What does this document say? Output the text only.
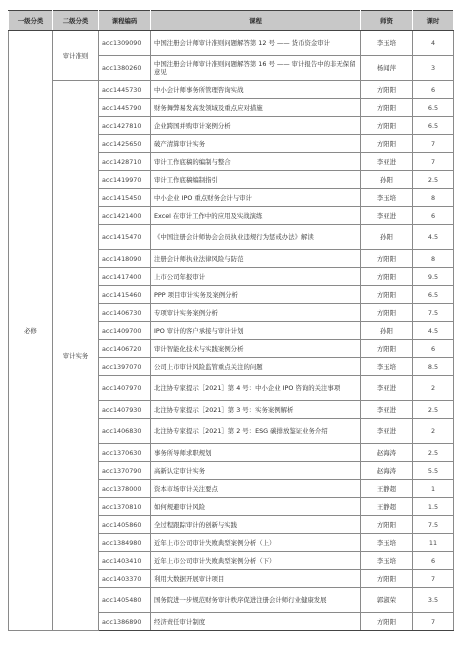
一级分类	二级分类	课程编码	课程	师资	课时
必修	审计准则	acc1309090	中国注册会计师审计准则问题解答第 12 号 —— 货币资金审计	李玉培	4
		acc1380260	中国注册会计师审计准则问题解答第 16 号 —— 审计报告中的非无保留意见	杨闻萍	3
	审计实务	acc1445730	中小会计师事务所管理咨询实战	方阳阳	6
		acc1445790	财务舞弊易发高发领域及重点应对措施	方阳阳	6.5
		acc1427810	企业跨国并购审计案例分析	方阳阳	6.5
		acc1425650	破产清算审计实务	方阳阳	7
		acc1428710	审计工作底稿的编制与整合	李亚进	7
		acc1419970	审计工作底稿编制指引	孙阳	2.5
		acc1415450	中小企业 IPO 重点财务会计与审计	李玉培	8
		acc1421400	Excel 在审计工作中的应用及实战演练	李亚进	6
		acc1415470	《中国注册会计师协会会员执业违规行为惩戒办法》解读	孙阳	4.5
		acc1418090	注册会计师执业法律风险与防范	方阳阳	8
		acc1417400	上市公司年报审计	方阳阳	9.5
		acc1415460	PPP 项目审计实务及案例分析	方阳阳	6.5
		acc1406730	专项审计实务案例分析	方阳阳	7.5
		acc1409700	IPO 审计的客户承接与审计计划	孙阳	4.5
		acc1406720	审计智能化技术与实践案例分析	方阳阳	6
		acc1397070	公司上市审计风险监管重点关注的问题	李玉培	8.5
		acc1407970	北注协专家提示［2021］第 4 号：中小企业 IPO 咨询的关注事项	李亚进	2
		acc1407930	北注协专家提示［2021］第 3 号：实务案例解析	李亚进	2.5
		acc1406830	北注协专家提示［2021］第 2 号：ESG 碳排放鉴证业务介绍	李亚进	2
		acc1370630	事务所导师求职规划	赵海涛	2.5
		acc1370790	高新认定审计实务	赵海涛	5.5
		acc1378000	资本市场审计关注要点	王静超	1
		acc1370810	如何规避审计风险	王静超	1.5
		acc1405860	全过程跟踪审计的创新与实践	方阳阳	7.5
		acc1384980	近年上市公司审计失败典型案例分析（上）	李玉培	11
		acc1403410	近年上市公司审计失败典型案例分析（下）	李玉培	6
		acc1403370	利用大数据开展审计项目	方阳阳	7
		acc1405480	国务院进一步规范财务审计秩序促进注册会计师行业健康发展	郭淑荣	3.5
		acc1386890	经济责任审计制度	方阳阳	7
